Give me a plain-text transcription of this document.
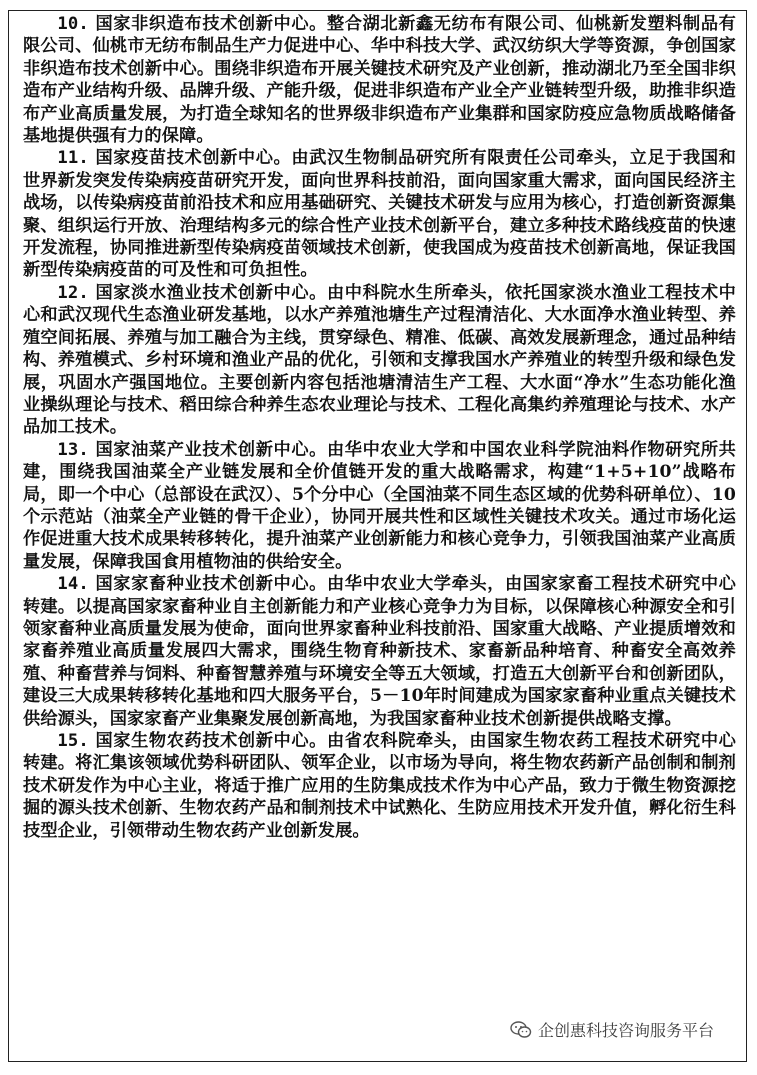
10. 国家非织造布技术创新中心。整合湖北新鑫无纺布有限公司、仙桃新发塑料制品有限公司、仙桃市无纺布制品生产力促进中心、华中科技大学、武汉纺织大学等资源，争创国家非织造布技术创新中心。围绕非织造布开展关键技术研究及产业创新，推动湖北乃至全国非织造布产业结构升级、品牌升级、产能升级，促进非织造布产业全产业链转型升级，助推非织造布产业高质量发展，为打造全球知名的世界级非织造布产业集群和国家防疫应急物质战略储备基地提供强有力的保障。

11. 国家疫苗技术创新中心。由武汉生物制品研究所有限责任公司牵头，立足于我国和世界新发突发传染病疫苗研究开发，面向世界科技前沿，面向国家重大需求，面向国民经济主战场，以传染病疫苗前沿技术和应用基础研究、关键技术研发与应用为核心，打造创新资源集聚、组织运行开放、治理结构多元的综合性产业技术创新平台，建立多种技术路线疫苗的快速开发流程，协同推进新型传染病疫苗领域技术创新，使我国成为疫苗技术创新高地，保证我国新型传染病疫苗的可及性和可负担性。

12. 国家淡水渔业技术创新中心。由中科院水生所牵头，依托国家淡水渔业工程技术中心和武汉现代生态渔业研发基地，以水产养殖池塘生产过程清洁化、大水面净水渔业转型、养殖空间拓展、养殖与加工融合为主线，贯穿绿色、精准、低碳、高效发展新理念，通过品种结构、养殖模式、乡村环境和渔业产品的优化，引领和支撑我国水产养殖业的转型升级和绿色发展，巩固水产强国地位。主要创新内容包括池塘清洁生产工程、大水面“净水”生态功能化渔业操纵理论与技术、稻田综合种养生态农业理论与技术、工程化高集约养殖理论与技术、水产品加工技术。

13. 国家油菜产业技术创新中心。由华中农业大学和中国农业科学院油料作物研究所共建，围绕我国油菜全产业链发展和全价值链开发的重大战略需求，构建“1+5+10”战略布局，即一个中心（总部设在武汉）、5个分中心（全国油菜不同生态区域的优势科研单位）、10个示范站（油菜全产业链的骨干企业），协同开展共性和区域性关键技术攻关。通过市场化运作促进重大技术成果转移转化，提升油菜产业创新能力和核心竞争力，引领我国油菜产业高质量发展，保障我国食用植物油的供给安全。

14. 国家家畜种业技术创新中心。由华中农业大学牵头，由国家家畜工程技术研究中心转建。以提高国家家畜种业自主创新能力和产业核心竞争力为目标，以保障核心种源安全和引领家畜种业高质量发展为使命，面向世界家畜种业科技前沿、国家重大战略、产业提质增效和家畜养殖业高质量发展四大需求，围绕生物育种新技术、家畜新品种培育、种畜安全高效养殖、种畜营养与饲料、种畜智慧养殖与环境安全等五大领域，打造五大创新平台和创新团队，建设三大成果转移转化基地和四大服务平台，5－10年时间建成为国家家畜种业重点关键技术供给源头，国家家畜产业集聚发展创新高地，为我国家畜种业技术创新提供战略支撑。

15. 国家生物农药技术创新中心。由省农科院牵头，由国家生物农药工程技术研究中心转建。将汇集该领域优势科研团队、领军企业，以市场为导向，将生物农药新产品创制和制剂技术研发作为中心主业，将适于推广应用的生防集成技术作为中心产品，致力于微生物资源挖掘的源头技术创新、生物农药产品和制剂技术中试熟化、生防应用技术开发升值，孵化衍生科技型企业，引领带动生物农药产业创新发展。

企创惠科技咨询服务平台
